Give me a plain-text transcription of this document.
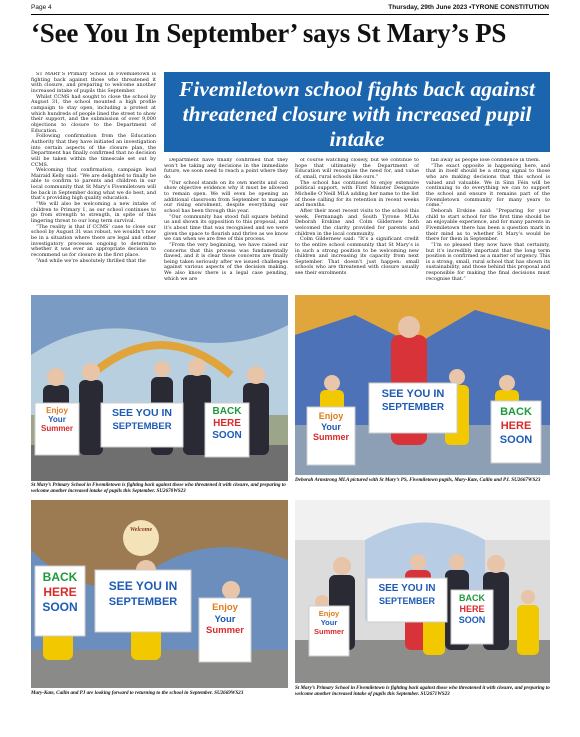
Page 4	Thursday, 29th June 2023 •TYRONE CONSTITUTION
‘See You In September’ says St Mary’s PS
Fivemiletown school fights back against threatened closure with increased pupil intake

ST MARY’S Primary School in Fivemiletown is fighting back against those who threatened it with closure, and preparing to welcome another increased intake of pupils this September.

Whilst CCMS had sought to close the school by August 31, the school mounted a high profile campaign to stay open, including a protest at which hundreds of people lined the street to show their support, and the submission of over 9,000 objections to closure to the Department of Education.

Following confirmation from the Education Authority that they have initiated an investigation into certain aspects of the closure plan, the Department has finally confirmed that no decision will be taken within the timescale set out by CCMS.

Welcoming that confirmation, campaign lead Mairaid Kelly said: “We are delighted to finally be able to confirm to parents and children in our local community that St Mary’s Fivemiletown will be back in September doing what we do best, and that’s providing high quality education.

“We will also be welcoming a new intake of children to Primary 1, as our school continues to go from strength to strength, in spite of this lingering threat to our long term survival.

“The reality is that if CCMS’ case to close our school by August 31 was robust, we wouldn’t now be in a situation where there are legal and other investigatory processes ongoing to determine whether it was ever an appropriate decision to recommend us for closure in the first place.

“And while we’re absolutely thrilled that the

Department have finally confirmed that they won’t be taking any decisions in the immediate future, we soon need to reach a point where they do.

“Our school stands on its own merits and can show objective evidence why it must be allowed to remain open. We will even be opening an additional classroom from September to manage our rising enrolment, despite everything our school has been through this year.

“Our community has stood full square behind us and shown its opposition to this proposal, and it’s about time that was recognised and we were given the space to flourish and thrive as we know we can when we are free of this process.

“From the very beginning, we have raised our concerns that this process was fundamentally flawed, and it is clear those concerns are finally being taken seriously after we issued challenges against various aspects of the decision making. We also know there is a legal case pending, which we are

of course watching closely, but we continue to hope that ultimately the Department of Education will recognise the need for, and value of, small, rural schools like ours.”

The school has continued to enjoy extensive political support, with First Minister Designate Michelle O’Neill MLA adding her name to the list of those calling for its retention in recent weeks and months.

After their most recent visits to the school this week, Fermanagh and South Tyrone MLAs Deborah Erskine and Colm Gildernew both welcomed the clarity provided for parents and children in the local community.

Colm Gildernew said: “It’s a significant credit to the entire school community that St Mary’s is in such a strong position to be welcoming new children and increasing its capacity from next September. That doesn’t just happen: small schools who are threatened with closure usually see their enrolments

fall away as people lose confidence in them.

“The exact opposite is happening here, and that in itself should be a strong signal to those who are making decisions that this school is valued and valuable. We in Sinn Féin will be continuing to do everything we can to support the school and ensure it remains part of the Fivemiletown community for many years to come.”

Deborah Erskine said: “Preparing for your child to start school for the first time should be an enjoyable experience, and for many parents in Fivemiletown there has been a question mark in their mind as to whether St Mary’s would be there for them in September.

“I’m so pleased they now have that certainty, but it’s incredibly important that the long term position is confirmed as a matter of urgency. This is a strong, small, rural school that has shown its sustainability, and those behind this proposal and responsible for making the final decisions must recognise that.”

Enjoy
Your
Summer
SEE YOU IN
SEPTEMBER
BACK
HERE
SOON
St Mary’s Primary School in Fivemiletown is fighting back against those who threatened it with closure, and preparing to welcome another increased intake of pupils this September. SU2670WS23
Enjoy
Your
Summer
SEE YOU IN
SEPTEMBER	BACK
HERE
SOON
Deborah Armstrong MLA pictured with St Mary’s PS, Fivemiletown pupils, Mary-Kate, Cailin and PJ. SU2667WS23
Welcome
BACK
HERE
SOON
SEE YOU IN
SEPTEMBER	Enjoy
Your
Summer
Mary-Kate, Cailin and PJ are looking forward to returning to the school in September. SU2669WS23
Enjoy
Your
Summer
SEE YOU IN
SEPTEMBER	BACK
HERE
SOON
St Mary’s Primary School in Fivemiletown is fighting back against those who threatened it with closure, and preparing to welcome another increased intake of pupils this September. SU2671WS23
